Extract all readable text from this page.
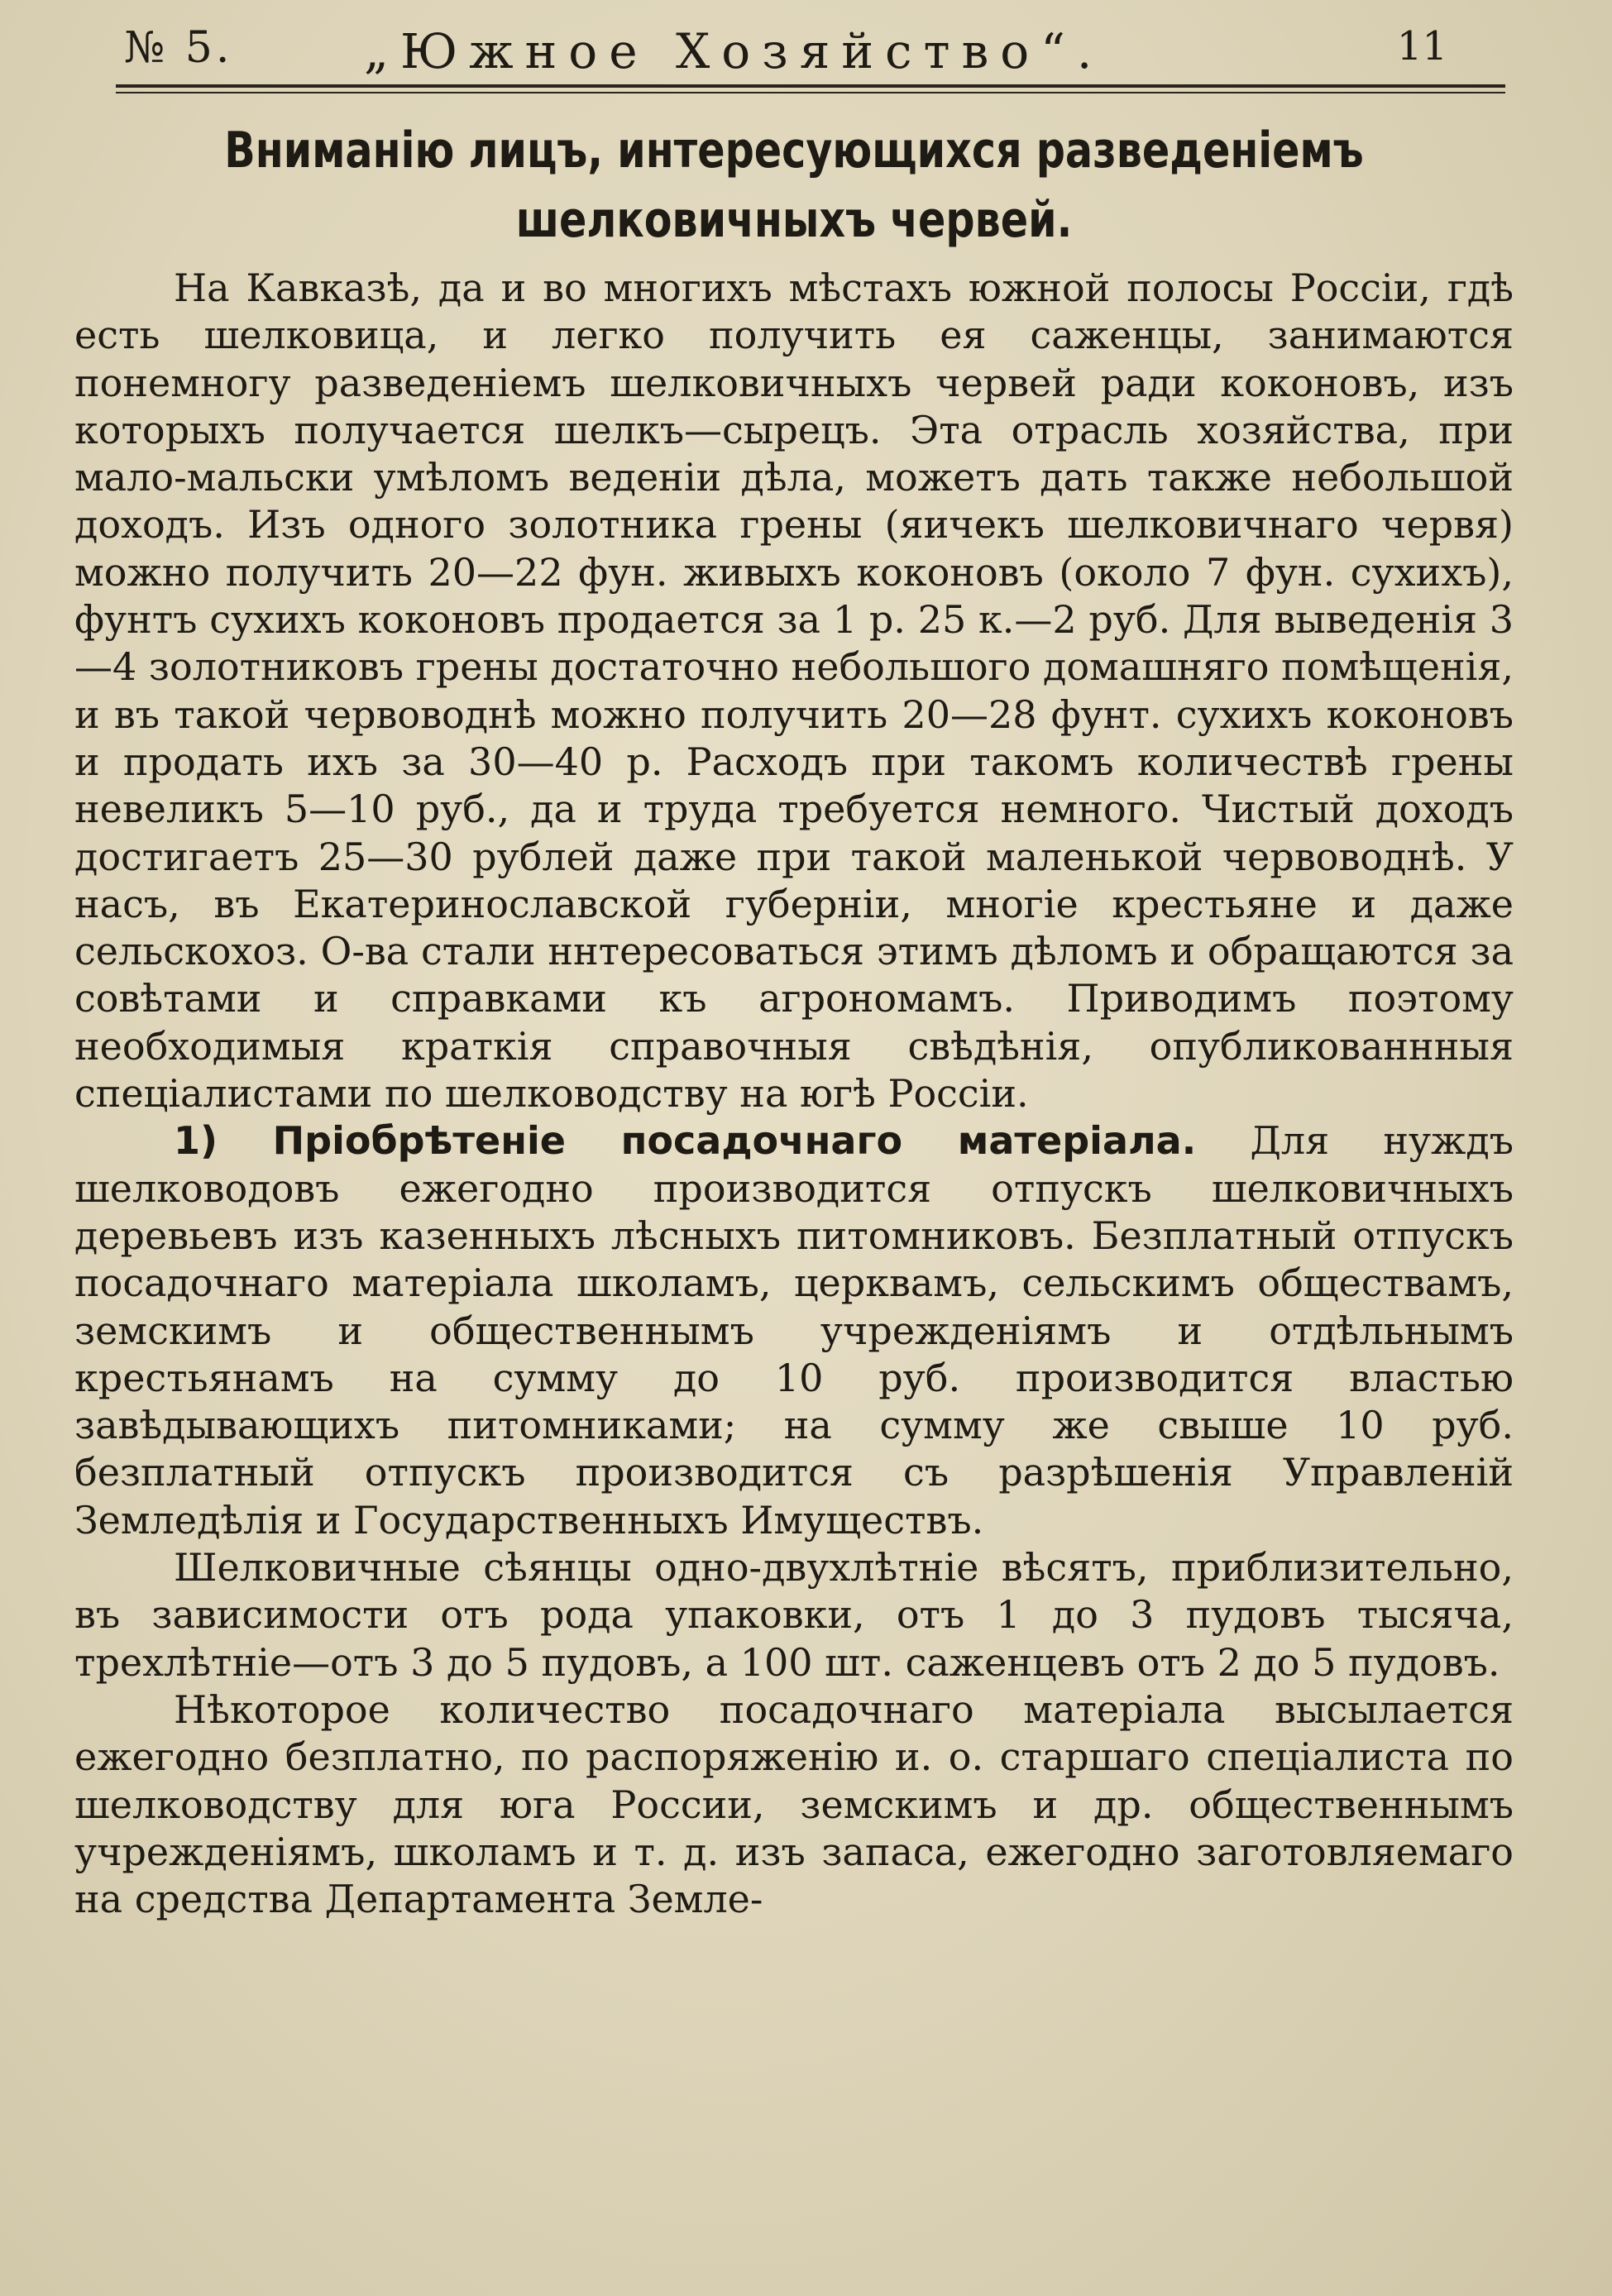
№ 5.	„Южное Хозяйство“.	11
Вниманію лицъ, интересующихся разведеніемъ
шелковичныхъ червей.

На Кавказѣ, да и во многихъ мѣстахъ южной полосы Россіи, гдѣ есть шелковица, и легко получить ея саженцы, занимаются понемногу разведеніемъ шелковичныхъ червей ради коконовъ, изъ которыхъ получается шелкъ—сырецъ. Эта отрасль хозяйства, при мало-мальски умѣломъ веденіи дѣла, можетъ дать также небольшой доходъ. Изъ одного золотника грены (яичекъ шелковичнаго червя) можно получить 20—22 фун. живыхъ коконовъ (около 7 фун. сухихъ), фунтъ сухихъ коконовъ продается за 1 р. 25 к.—2 руб. Для выведенія 3—4 золотниковъ грены достаточно небольшого домашняго помѣщенія, и въ такой червоводнѣ можно получить 20—28 фунт. сухихъ коконовъ и продать ихъ за 30—40 р. Расходъ при такомъ количествѣ грены невеликъ 5—10 руб., да и труда требуется немного. Чистый доходъ достигаетъ 25—30 рублей даже при такой маленькой червоводнѣ. У насъ, въ Екатеринославской губерніи, многіе крестьяне и даже сельскохоз. О-ва стали ннтересоваться этимъ дѣломъ и обращаются за совѣтами и справками къ агрономамъ. Приводимъ поэтому необходимыя краткія справочныя свѣдѣнія, опубликованнныя спеціалистами по шелководству на югѣ Россіи.

1) Пріобрѣтеніе посадочнаго матеріала. Для нуждъ шелководовъ ежегодно производится отпускъ шелковичныхъ деревьевъ изъ казенныхъ лѣсныхъ питомниковъ. Безплатный отпускъ посадочнаго матеріала школамъ, церквамъ, сельскимъ обществамъ, земскимъ и общественнымъ учрежденiямъ и отдѣльнымъ крестьянамъ на сумму до 10 руб. производится властью завѣдывающихъ питомниками; на сумму же свыше 10 руб. безплатный отпускъ производится съ разрѣшенія Управленій Земледѣлія и Государственныхъ Имуществъ.

Шелковичные сѣянцы одно-двухлѣтніе вѣсятъ, приблизительно, въ зависимости отъ рода упаковки, отъ 1 до 3 пудовъ тысяча, трехлѣтніе—отъ 3 до 5 пудовъ, а 100 шт. саженцевъ отъ 2 до 5 пудовъ.

Нѣкоторое количество посадочнаго матеріала высылается ежегодно безплатно, по распоряженію и. о. старшаго спеціалиста по шелководству для юга России, земскимъ и др. общественнымъ учрежденіямъ, школамъ и т. д. изъ запаса, ежегодно заготовляемаго на средства Департамента Земле-
